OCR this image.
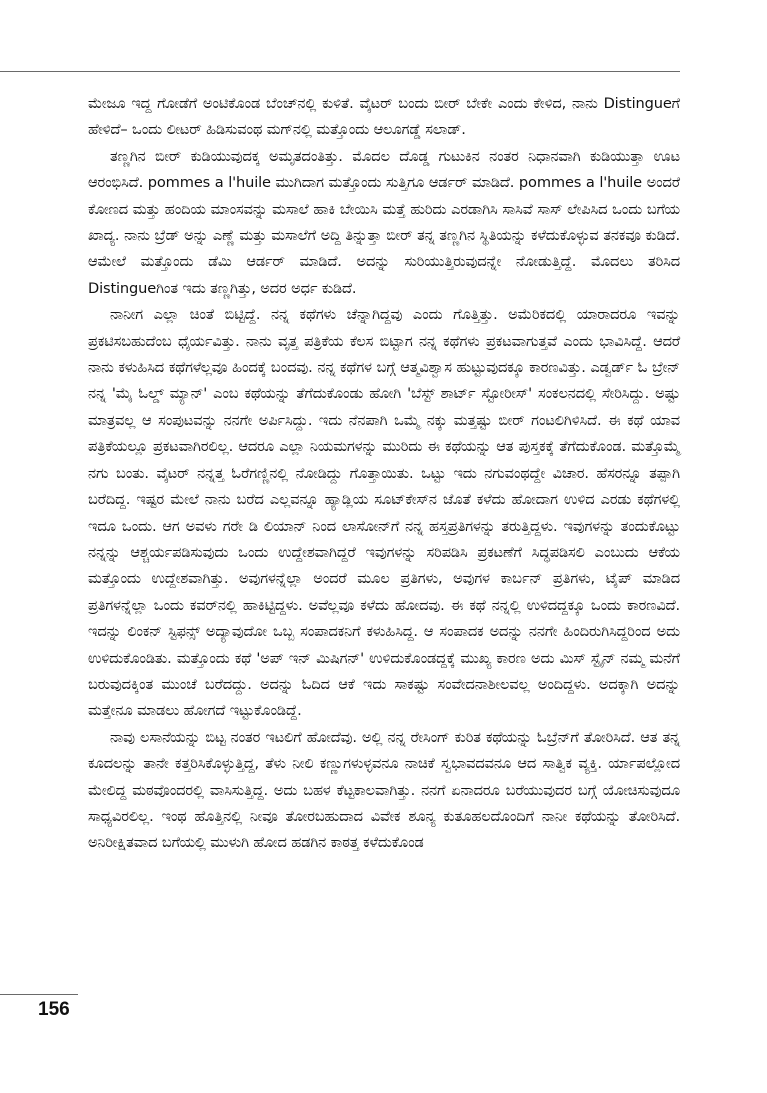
ಮೇಜೂ ಇದ್ದ ಗೋಡೆಗೆ ಅಂಟಿಕೊಂಡ ಬೆಂಚ್‌ನಲ್ಲಿ ಕುಳಿತೆ. ವೈಟರ್ ಬಂದು ಬೀರ್ ಬೇಕೇ ಎಂದು ಕೇಳಿದ, ನಾನು Distingueಗೆ ಹೇಳಿದೆ– ಒಂದು ಲೀಟರ್ ಹಿಡಿಸುವಂಥ ಮಗ್‌ನಲ್ಲಿ ಮತ್ತೊಂದು ಆಲೂಗಡ್ಡೆ ಸಲಾಡ್.

ತಣ್ಣಗಿನ ಬೀರ್ ಕುಡಿಯುವುದಕ್ಕ ಅಮೃತದಂತಿತ್ತು. ಮೊದಲ ದೊಡ್ಡ ಗುಟುಕಿನ ನಂತರ ನಿಧಾನವಾಗಿ ಕುಡಿಯುತ್ತಾ ಊಟ ಆರಂಭಿಸಿದೆ. pommes a l'huile ಮುಗಿದಾಗ ಮತ್ತೊಂದು ಸುತ್ತಿಗೂ ಆರ್ಡರ್ ಮಾಡಿದೆ. pommes a l'huile ಅಂದರೆ ಕೋಣದ ಮತ್ತು ಹಂದಿಯ ಮಾಂಸವನ್ನು ಮಸಾಲೆ ಹಾಕಿ ಬೇಯಿಸಿ ಮತ್ತೆ ಹುರಿದು ಎರಡಾಗಿಸಿ ಸಾಸಿವೆ ಸಾಸ್ ಲೇಪಿಸಿದ ಒಂದು ಬಗೆಯ ಖಾದ್ಯ. ನಾನು ಬ್ರೆಡ್ ಅನ್ನು ಎಣ್ಣೆ ಮತ್ತು ಮಸಾಲೆಗೆ ಅದ್ದಿ ತಿನ್ನುತ್ತಾ ಬೀರ್ ತನ್ನ ತಣ್ಣಗಿನ ಸ್ಥಿತಿಯನ್ನು ಕಳೆದುಕೊಳ್ಳುವ ತನಕವೂ ಕುಡಿದೆ. ಆಮೇಲೆ ಮತ್ತೊಂದು ಡೆಮಿ ಆರ್ಡರ್ ಮಾಡಿದೆ. ಅದನ್ನು ಸುರಿಯುತ್ತಿರುವುದನ್ನೇ ನೋಡುತ್ತಿದ್ದೆ. ಮೊದಲು ತರಿಸಿದ Distingueಗಿಂತ ಇದು ತಣ್ಣಗಿತ್ತು, ಅದರ ಅರ್ಧ ಕುಡಿದೆ.

ನಾನೀಗ ಎಲ್ಲಾ ಚಿಂತೆ ಬಿಟ್ಟಿದ್ದೆ. ನನ್ನ ಕಥೆಗಳು ಚೆನ್ನಾಗಿದ್ದವು ಎಂದು ಗೊತ್ತಿತ್ತು. ಅಮೆರಿಕದಲ್ಲಿ ಯಾರಾದರೂ ಇವನ್ನು ಪ್ರಕಟಿಸಬಹುದೆಂಬ ಧೈರ್ಯವಿತ್ತು. ನಾನು ವೃತ್ತ ಪತ್ರಿಕೆಯ ಕೆಲಸ ಬಿಟ್ಟಾಗ ನನ್ನ ಕಥೆಗಳು ಪ್ರಕಟವಾಗುತ್ತವೆ ಎಂದು ಭಾವಿಸಿದ್ದೆ. ಆದರೆ ನಾನು ಕಳುಹಿಸಿದ ಕಥೆಗಳೆಲ್ಲವೂ ಹಿಂದಕ್ಕೆ ಬಂದವು. ನನ್ನ ಕಥೆಗಳ ಬಗ್ಗೆ ಆತ್ಮವಿಶ್ವಾಸ ಹುಟ್ಟುವುದಕ್ಕೂ ಕಾರಣವಿತ್ತು. ಎಡ್ವರ್ಡ್ ಓ ಬ್ರೇನ್ ನನ್ನ 'ಮೈ ಓಲ್ಡ್ ಮ್ಯಾನ್' ಎಂಬ ಕಥೆಯನ್ನು ತೆಗೆದುಕೊಂಡು ಹೋಗಿ 'ಬೆಸ್ಟ್ ಶಾರ್ಟ್ ಸ್ಟೋರೀಸ್' ಸಂಕಲನದಲ್ಲಿ ಸೇರಿಸಿದ್ದು. ಅಷ್ಟು ಮಾತ್ರವಲ್ಲ ಆ ಸಂಪುಟವನ್ನು ನನಗೇ ಅರ್ಪಿಸಿದ್ದು. ಇದು ನೆನಪಾಗಿ ಒಮ್ಮೆ ನಕ್ಕು ಮತ್ತಷ್ಟು ಬೀರ್ ಗಂಟಲಿಗಿಳಿಸಿದೆ. ಈ ಕಥೆ ಯಾವ ಪತ್ರಿಕೆಯಲ್ಲೂ ಪ್ರಕಟವಾಗಿರಲಿಲ್ಲ. ಆದರೂ ಎಲ್ಲಾ ನಿಯಮಗಳನ್ನು ಮುರಿದು ಈ ಕಥೆಯನ್ನು ಆತ ಪುಸ್ತಕಕ್ಕೆ ತೆಗೆದುಕೊಂಡ. ಮತ್ತೊಮ್ಮೆ ನಗು ಬಂತು. ವೈಟರ್ ನನ್ನತ್ತ ಓರೆಗಣ್ಣಿನಲ್ಲಿ ನೋಡಿದ್ದು ಗೊತ್ತಾಯಿತು. ಒಟ್ಟು ಇದು ನಗುವಂಥದ್ದೇ ವಿಚಾರ. ಹೆಸರನ್ನೂ ತಪ್ಪಾಗಿ ಬರೆದಿದ್ದ. ಇಷ್ಟರ ಮೇಲೆ ನಾನು ಬರೆದ ಎಲ್ಲವನ್ನೂ ಹ್ಯಾಡ್ಲಿಯ ಸೂಟ್‌ಕೇಸ್‌ನ ಜೊತೆ ಕಳೆದು ಹೋದಾಗ ಉಳಿದ ಎರಡು ಕಥೆಗಳಲ್ಲಿ ಇದೂ ಒಂದು. ಆಗ ಅವಳು ಗರೇ ಡಿ ಲಿಯಾನ್ ನಿಂದ ಲಾಸೋನ್‌ಗೆ ನನ್ನ ಹಸ್ತಪ್ರತಿಗಳನ್ನು ತರುತ್ತಿದ್ದಳು. ಇವುಗಳನ್ನು ತಂದುಕೊಟ್ಟು ನನ್ನನ್ನು ಆಶ್ಚರ್ಯಪಡಿಸುವುದು ಒಂದು ಉದ್ದೇಶವಾಗಿದ್ದರೆ ಇವುಗಳನ್ನು ಸರಿಪಡಿಸಿ ಪ್ರಕಟಣೆಗೆ ಸಿದ್ಧಪಡಿಸಲಿ ಎಂಬುದು ಆಕೆಯ ಮತ್ತೊಂದು ಉದ್ದೇಶವಾಗಿತ್ತು. ಅವುಗಳನ್ನೆಲ್ಲಾ ಅಂದರೆ ಮೂಲ ಪ್ರತಿಗಳು, ಅವುಗಳ ಕಾರ್ಬನ್ ಪ್ರತಿಗಳು, ಟೈಪ್ ಮಾಡಿದ ಪ್ರತಿಗಳನ್ನೆಲ್ಲಾ ಒಂದು ಕವರ್‌ನಲ್ಲಿ ಹಾಕಿಟ್ಟಿದ್ದಳು. ಅವೆಲ್ಲವೂ ಕಳೆದು ಹೋದವು. ಈ ಕಥೆ ನನ್ನಲ್ಲಿ ಉಳಿದದ್ದಕ್ಕೂ ಒಂದು ಕಾರಣವಿದೆ. ಇದನ್ನು ಲಿಂಕನ್ ಸ್ಟಿಫನ್ಸ್ ಅದ್ಯಾವುದೋ ಒಬ್ಬ ಸಂಪಾದಕನಿಗೆ ಕಳುಹಿಸಿದ್ದ. ಆ ಸಂಪಾದಕ ಅದನ್ನು ನನಗೇ ಹಿಂದಿರುಗಿಸಿದ್ದರಿಂದ ಅದು ಉಳಿದುಕೊಂಡಿತು. ಮತ್ತೊಂದು ಕಥೆ 'ಅಪ್ ಇನ್ ಮಿಷಿಗನ್' ಉಳಿದುಕೊಂಡದ್ದಕ್ಕೆ ಮುಖ್ಯ ಕಾರಣ ಅದು ಮಿಸ್ ಸ್ಟೈನ್ ನಮ್ಮ ಮನೆಗೆ ಬರುವುದಕ್ಕಿಂತ ಮುಂಚೆ ಬರೆದದ್ದು. ಅದನ್ನು ಓದಿದ ಆಕೆ ಇದು ಸಾಕಷ್ಟು ಸಂವೇದನಾಶೀಲವಲ್ಲ ಅಂದಿದ್ದಳು. ಅದಕ್ಕಾಗಿ ಅದನ್ನು ಮತ್ತೇನೂ ಮಾಡಲು ಹೋಗದೆ ಇಟ್ಟುಕೊಂಡಿದ್ದೆ.

ನಾವು ಲಸಾನೆಯನ್ನು ಬಿಟ್ಟ ನಂತರ ಇಟಲಿಗೆ ಹೋದೆವು. ಅಲ್ಲಿ ನನ್ನ ರೇಸಿಂಗ್ ಕುರಿತ ಕಥೆಯನ್ನು ಓಬ್ರೆನ್‌ಗೆ ತೋರಿಸಿದೆ. ಆತ ತನ್ನ ಕೂದಲನ್ನು ತಾನೇ ಕತ್ತರಿಸಿಕೊಳ್ಳುತ್ತಿದ್ದ, ತೆಳು ನೀಲಿ ಕಣ್ಣುಗಳುಳ್ಳವನೂ ನಾಚಿಕೆ ಸ್ವಭಾವದವನೂ ಆದ ಸಾತ್ವಿಕ ವ್ಯಕ್ತಿ. ರ್ಯಾಪಲ್ಲೋದ ಮೇಲಿದ್ದ ಮಠವೊಂದರಲ್ಲಿ ವಾಸಿಸುತ್ತಿದ್ದ. ಅದು ಬಹಳ ಕೆಟ್ಟಕಾಲವಾಗಿತ್ತು. ನನಗೆ ಏನಾದರೂ ಬರೆಯುವುದರ ಬಗ್ಗೆ ಯೋಚಿಸುವುದೂ ಸಾಧ್ಯವಿರಲಿಲ್ಲ. ಇಂಥ ಹೊತ್ತಿನಲ್ಲಿ ನೀವೂ ತೋರಬಹುದಾದ ವಿವೇಕ ಶೂನ್ಯ ಕುತೂಹಲದೊಂದಿಗೆ ನಾನೀ ಕಥೆಯನ್ನು ತೋರಿಸಿದೆ. ಅನಿರೀಕ್ಷಿತವಾದ ಬಗೆಯಲ್ಲಿ ಮುಳುಗಿ ಹೋದ ಹಡಗಿನ ಕಾಠತ್ತ ಕಳೆದುಕೊಂಡ

156
